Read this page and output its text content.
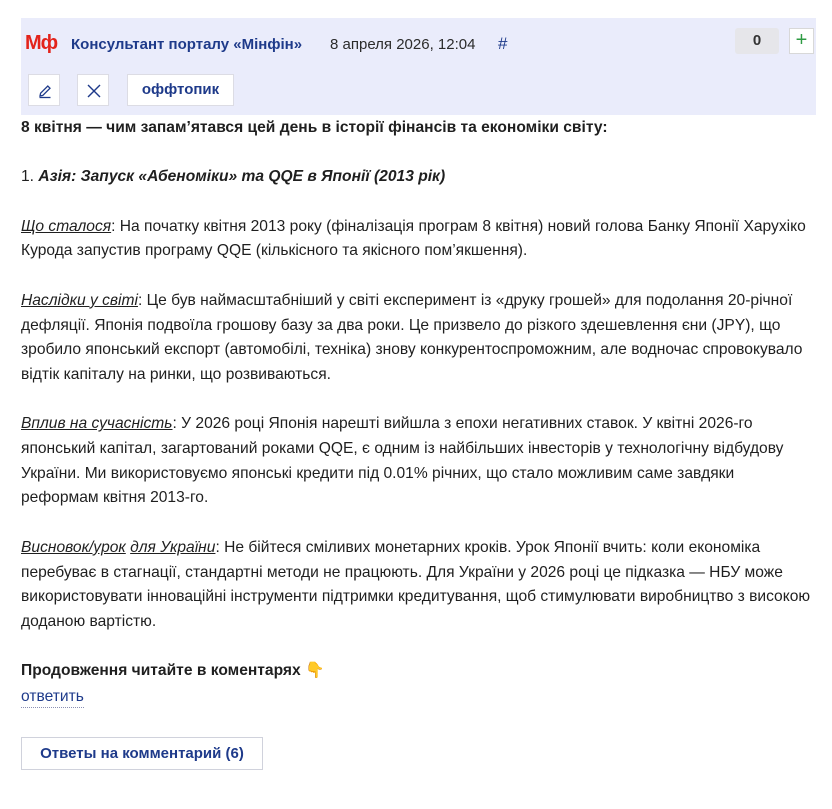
Мф Консультант порталу «Мінфін» 8 апреля 2026, 12:04 #	0	+
оффтопик

8 квітня — чим запам’ятався цей день в історії фінансів та економіки світу:

1. Азія: Запуск «Абеноміки» та QQE в Японії (2013 рік)

Що сталося: На початку квітня 2013 року (фіналізація програм 8 квітня) новий голова Банку Японії Харухіко Курода запустив програму QQE (кількісного та якісного пом’якшення).

Наслідки у світі: Це був наймасштабніший у світі експеримент із «друку грошей» для подолання 20-річної дефляції. Японія подвоїла грошову базу за два роки. Це призвело до різкого здешевлення єни (JPY), що зробило японський експорт (автомобілі, техніка) знову конкурентоспроможним, але водночас спровокувало відтік капіталу на ринки, що розвиваються.

Вплив на сучасність: У 2026 році Японія нарешті вийшла з епохи негативних ставок. У квітні 2026-го японський капітал, загартований роками QQE, є одним із найбільших інвесторів у технологічну відбудову України. Ми використовуємо японські кредити під 0.01% річних, що стало можливим саме завдяки реформам квітня 2013-го.

Висновок/урок для України: Не бійтеся сміливих монетарних кроків. Урок Японії вчить: коли економіка перебуває в стагнації, стандартні методи не працюють. Для України у 2026 році це підказка — НБУ може використовувати інноваційні інструменти підтримки кредитування, щоб стимулювати виробництво з високою доданою вартістю.

Продовження читайте в коментарях 👇

ответить
Ответы на комментарий (6)
